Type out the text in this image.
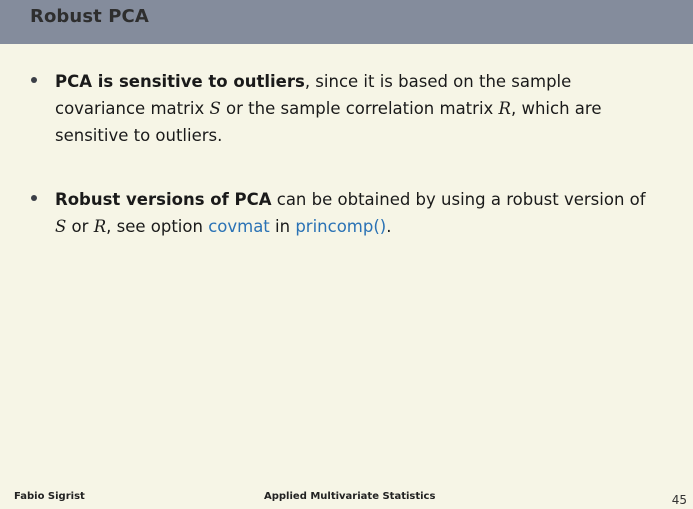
Robust PCA
PCA is sensitive to outliers, since it is based on the sample covariance matrix S or the sample correlation matrix R, which are sensitive to outliers.
Robust versions of PCA can be obtained by using a robust version of S or R, see option covmat in princomp().
Fabio Sigrist	Applied Multivariate Statistics	45
